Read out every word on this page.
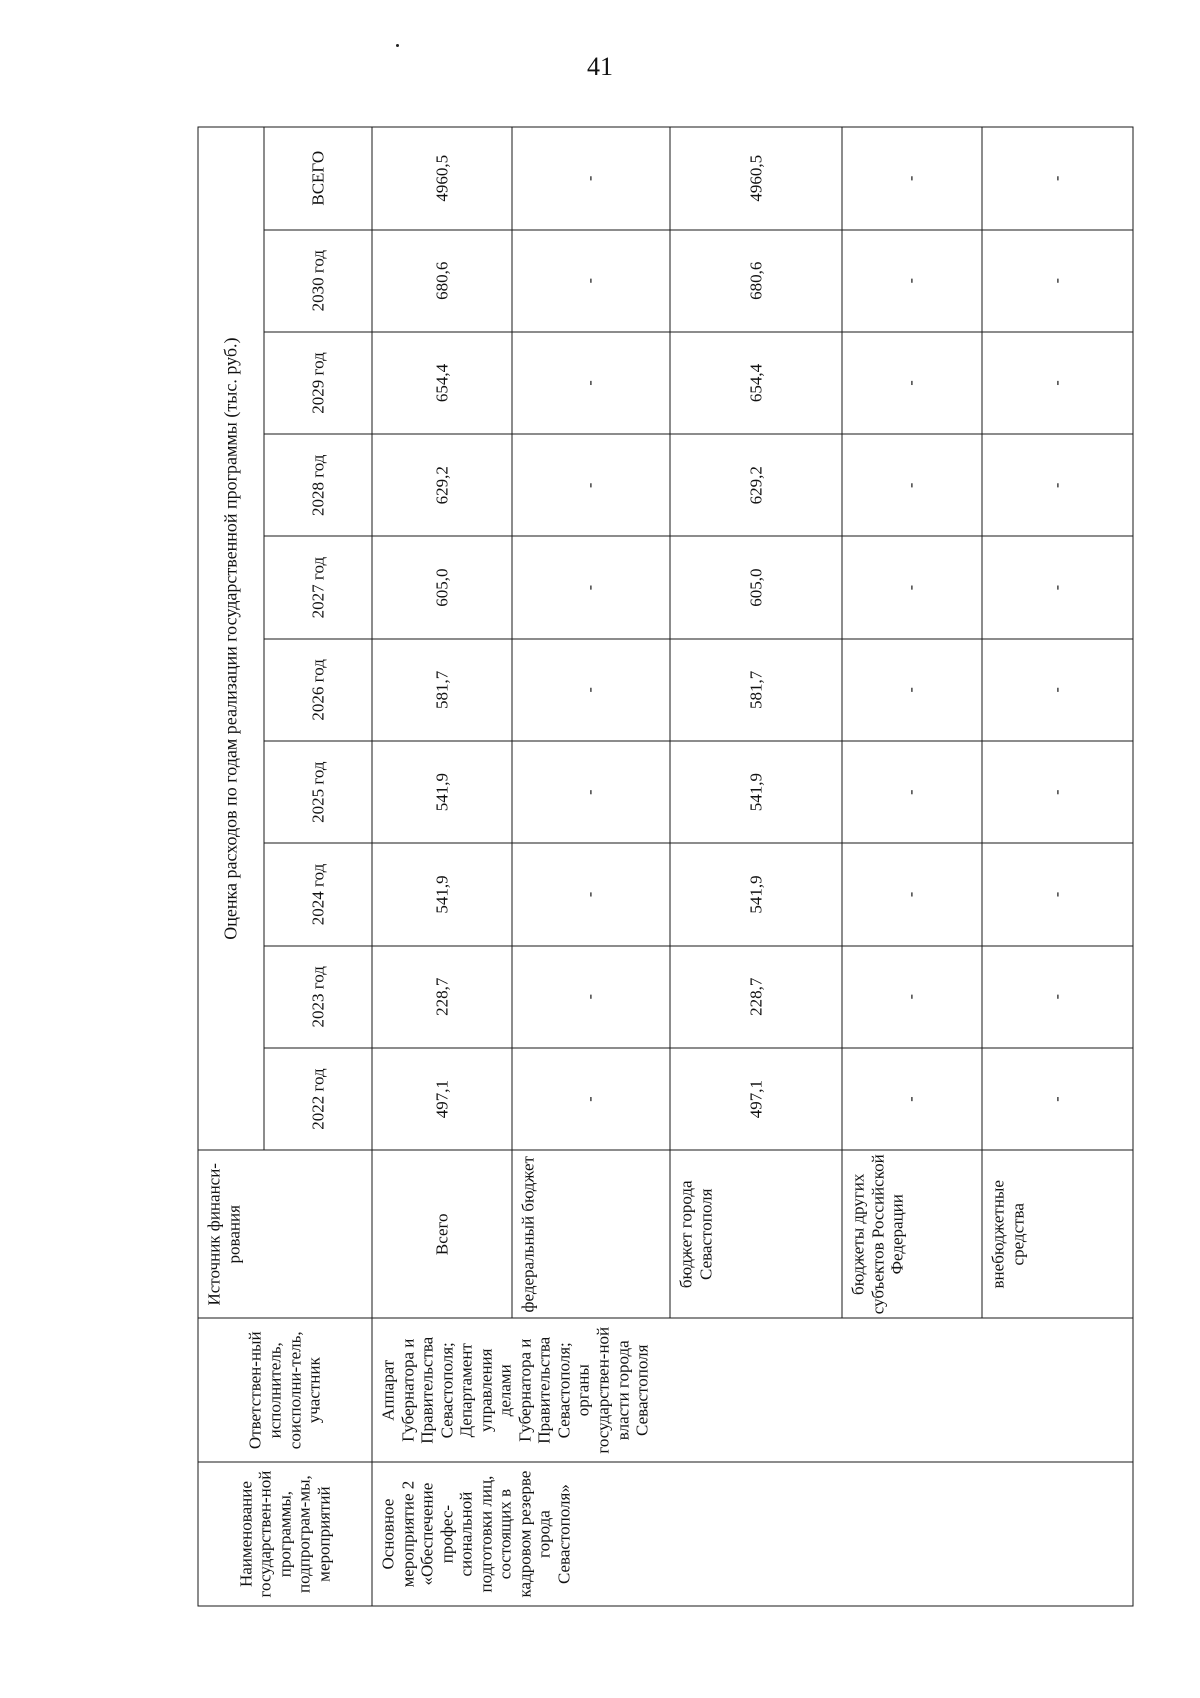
41
Наименование государствен-ной программы, подпрограм-мы, мероприятий	Ответствен-ный исполнитель, соисполни-тель, участник	Источник финанси-рования	Оценка расходов по годам реализации государственной программы (тыс. руб.)									
			2022 год	2023 год	2024 год	2025 год	2026 год	2027 год	2028 год	2029 год	2030 год	ВСЕГО
Основное мероприятие 2 «Обеспечение профес-сиональной подготовки лиц, состоящих в кадровом резерве города Севастополя»	Аппарат Губернатора и Правительства Севастополя; Департамент управления делами Губернатора и Правительства Севастополя; органы государствен-ной власти города Севастополя	Всего	497,1	228,7	541,9	541,9	581,7	605,0	629,2	654,4	680,6	4960,5
		федеральный бюджет	-	-	-	-	-	-	-	-	-	-
		бюджет города Севастополя	497,1	228,7	541,9	541,9	581,7	605,0	629,2	654,4	680,6	4960,5
		бюджеты других субъектов Российской Федерации	-	-	-	-	-	-	-	-	-	-
		внебюджетные средства	-	-	-	-	-	-	-	-	-	-
